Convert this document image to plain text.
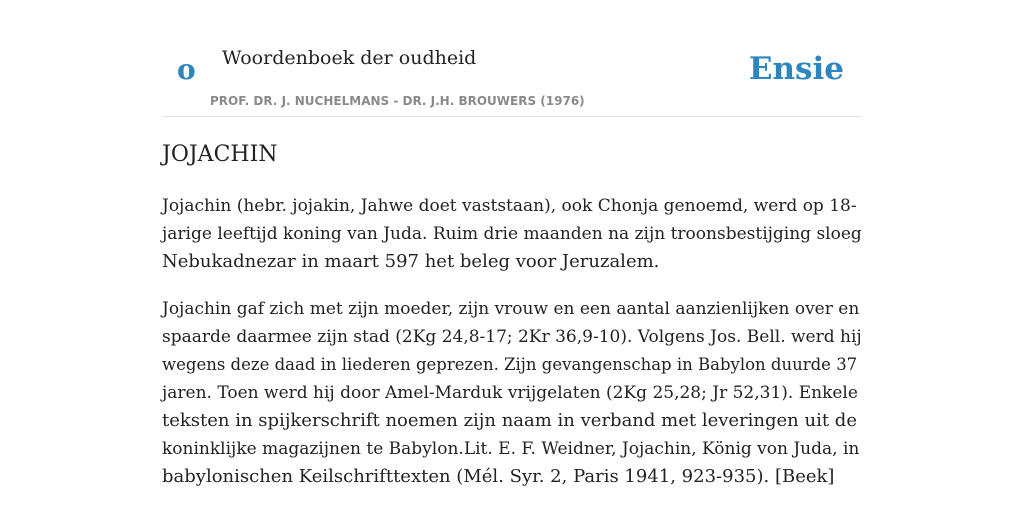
o Woordenboek der oudheid
PROF. DR. J. NUCHELMANS - DR. J.H. BROUWERS (1976)
Ensie
JOJACHIN

Jojachin (hebr. jojakin, Jahwe doet vaststaan), ook Chonja genoemd, werd op 18-
jarige leeftijd koning van Juda. Ruim drie maanden na zijn troonsbestijging sloeg
Nebukadnezar in maart 597 het beleg voor Jeruzalem.

Jojachin gaf zich met zijn moeder, zijn vrouw en een aantal aanzienlijken over en
spaarde daarmee zijn stad (2Kg 24,8-17; 2Kr 36,9-10). Volgens Jos. Bell. werd hij
wegens deze daad in liederen geprezen. Zijn gevangenschap in Babylon duurde 37
jaren. Toen werd hij door Amel-Marduk vrijgelaten (2Kg 25,28; Jr 52,31). Enkele
teksten in spijkerschrift noemen zijn naam in verband met leveringen uit de
koninklijke magazijnen te Babylon.Lit. E. F. Weidner, Jojachin, König von Juda, in
babylonischen Keilschrifttexten (Mél. Syr. 2, Paris 1941, 923-935). [Beek]
